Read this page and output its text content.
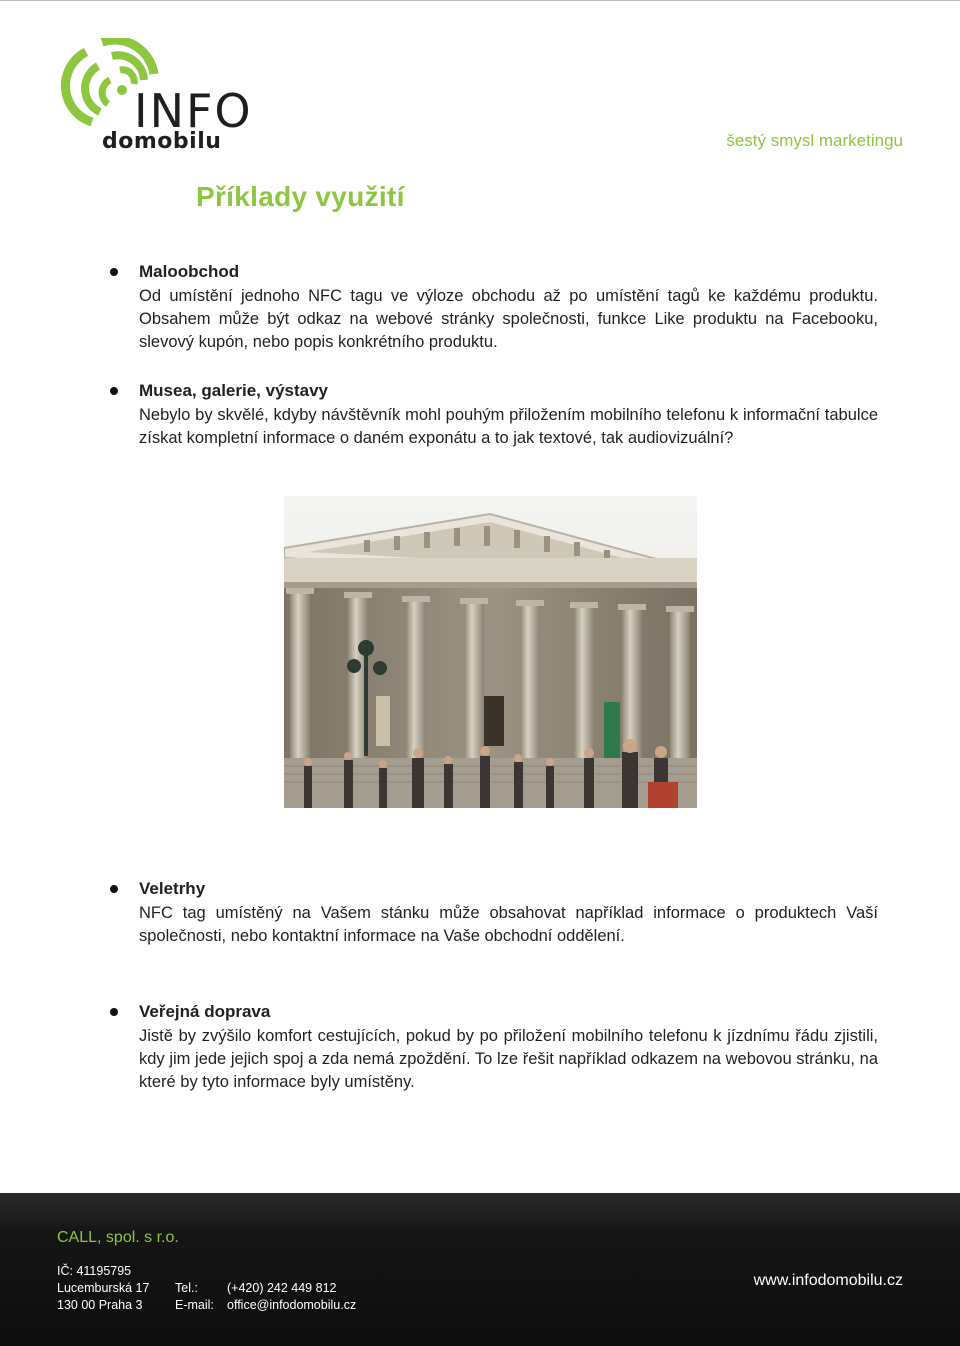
INFO
domobilu	šestý smysl marketingu
Příklady využití
Maloobchod
Od umístění jednoho NFC tagu ve výloze obchodu až po umístění tagů ke každému produktu. Obsahem může být odkaz na webové stránky společnosti, funkce Like produktu na Facebooku, slevový kupón, nebo popis konkrétního produktu.
Musea, galerie, výstavy
Nebylo by skvělé, kdyby návštěvník mohl pouhým přiložením mobilního telefonu k informační tabulce získat kompletní informace o daném exponátu a to jak textové, tak audiovizuální?
Veletrhy
NFC tag umístěný na Vašem stánku může obsahovat například informace o produktech Vaší společnosti, nebo kontaktní informace na Vaše obchodní oddělení.
Veřejná doprava
Jistě by zvýšilo komfort cestujících, pokud by po přiložení mobilního telefonu k jízdnímu řádu zjistili, kdy jim jede jejich spoj a zda nemá zpoždění. To lze řešit například odkazem na webovou stránku, na které by tyto informace byly umístěny.
CALL, spol. s r.o.
IČ: 41195795
Lucemburská 17
130 00 Praha 3
Tel.: (+420) 242 449 812
E-mail: office@infodomobilu.cz
www.infodomobilu.cz
